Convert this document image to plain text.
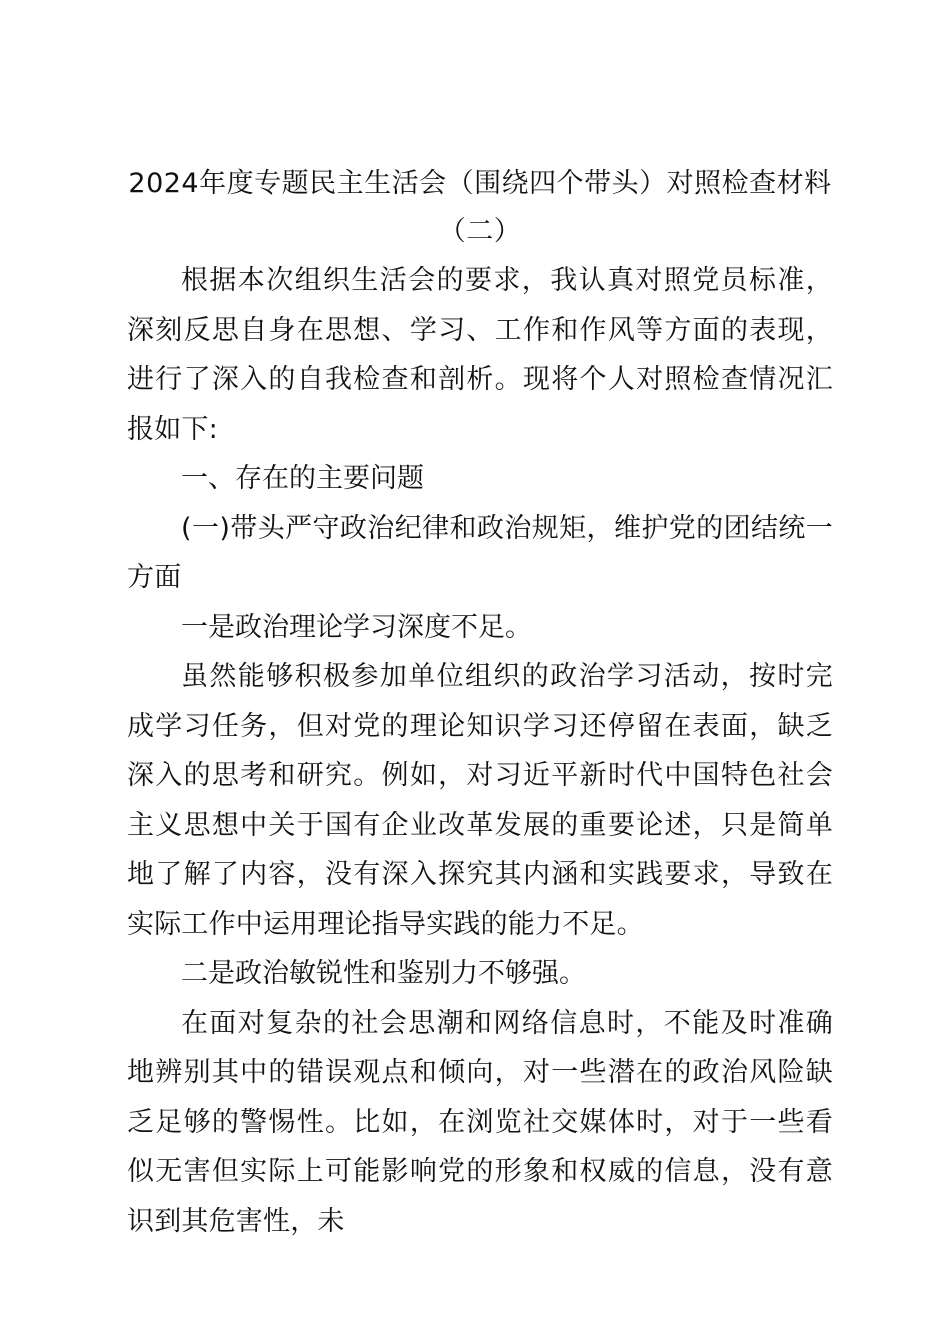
2024年度专题民主生活会（围绕四个带头）对照检查材料（二）

根据本次组织生活会的要求，我认真对照党员标准，深刻反思自身在思想、学习、工作和作风等方面的表现，进行了深入的自我检查和剖析。现将个人对照检查情况汇报如下:

一、存在的主要问题

(一)带头严守政治纪律和政治规矩，维护党的团结统一方面

一是政治理论学习深度不足。

虽然能够积极参加单位组织的政治学习活动，按时完成学习任务，但对党的理论知识学习还停留在表面，缺乏深入的思考和研究。例如，对习近平新时代中国特色社会主义思想中关于国有企业改革发展的重要论述，只是简单地了解了内容，没有深入探究其内涵和实践要求，导致在实际工作中运用理论指导实践的能力不足。

二是政治敏锐性和鉴别力不够强。

在面对复杂的社会思潮和网络信息时，不能及时准确地辨别其中的错误观点和倾向，对一些潜在的政治风险缺乏足够的警惕性。比如，在浏览社交媒体时，对于一些看似无害但实际上可能影响党的形象和权威的信息，没有意识到其危害性，未
